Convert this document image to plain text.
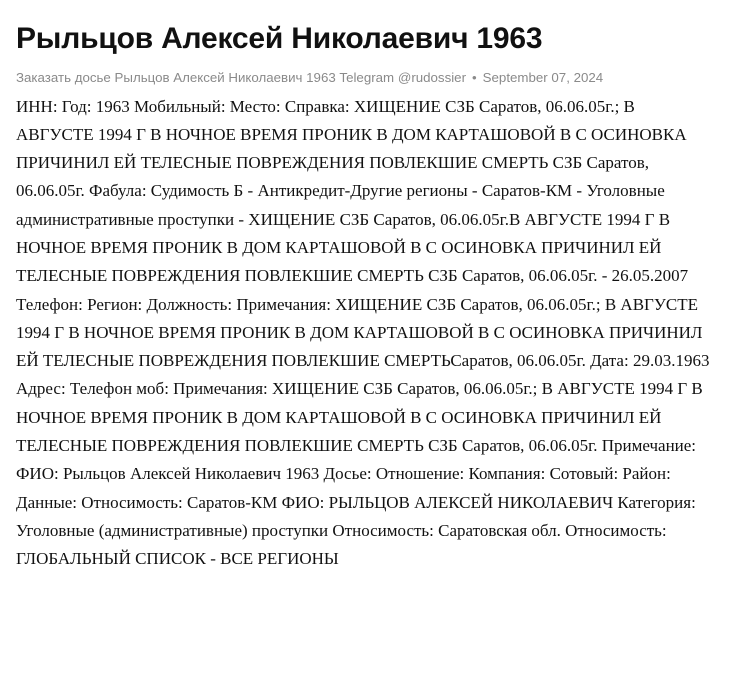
Рыльцов Алексей Николаевич 1963
Заказать досье Рыльцов Алексей Николаевич 1963 Telegram @rudossier • September 07, 2024
ИНН: Год: 1963 Мобильный: Место: Справка: ХИЩЕНИЕ СЗБ Саратов, 06.06.05г.; В АВГУСТЕ 1994 Г В НОЧНОЕ ВРЕМЯ ПРОНИК В ДОМ КАРТАШОВОЙ В С ОСИНОВКА ПРИЧИНИЛ ЕЙ ТЕЛЕСНЫЕ ПОВРЕЖДЕНИЯ ПОВЛЕКШИЕ СМЕРТЬ СЗБ Саратов, 06.06.05г. Фабула: Судимость Б - Антикредит-Другие регионы - Саратов-КМ - Уголовные административные проступки - ХИЩЕНИЕ СЗБ Саратов, 06.06.05г.В АВГУСТЕ 1994 Г В НОЧНОЕ ВРЕМЯ ПРОНИК В ДОМ КАРТАШОВОЙ В С ОСИНОВКА ПРИЧИНИЛ ЕЙ ТЕЛЕСНЫЕ ПОВРЕЖДЕНИЯ ПОВЛЕКШИЕ СМЕРТЬ СЗБ Саратов, 06.06.05г. - 26.05.2007 Телефон: Регион: Должность: Примечания: ХИЩЕНИЕ СЗБ Саратов, 06.06.05г.; В АВГУСТЕ 1994 Г В НОЧНОЕ ВРЕМЯ ПРОНИК В ДОМ КАРТАШОВОЙ В С ОСИНОВКА ПРИЧИНИЛ ЕЙ ТЕЛЕСНЫЕ ПОВРЕЖДЕНИЯ ПОВЛЕКШИЕ СМЕРТЬСаратов, 06.06.05г. Дата: 29.03.1963 Адрес: Телефон моб: Примечания: ХИЩЕНИЕ СЗБ Саратов, 06.06.05г.; В АВГУСТЕ 1994 Г В НОЧНОЕ ВРЕМЯ ПРОНИК В ДОМ КАРТАШОВОЙ В С ОСИНОВКА ПРИЧИНИЛ ЕЙ ТЕЛЕСНЫЕ ПОВРЕЖДЕНИЯ ПОВЛЕКШИЕ СМЕРТЬ СЗБ Саратов, 06.06.05г. Примечание: ФИО: Рыльцов Алексей Николаевич 1963 Досье: Отношение: Компания: Сотовый: Район: Данные: Относимость: Саратов-КМ ФИО: РЫЛЬЦОВ АЛЕКСЕЙ НИКОЛАЕВИЧ Категория: Уголовные (административные) проступки Относимость: Саратовская обл. Относимость: ГЛОБАЛЬНЫЙ СПИСОК - ВСЕ РЕГИОНЫ
